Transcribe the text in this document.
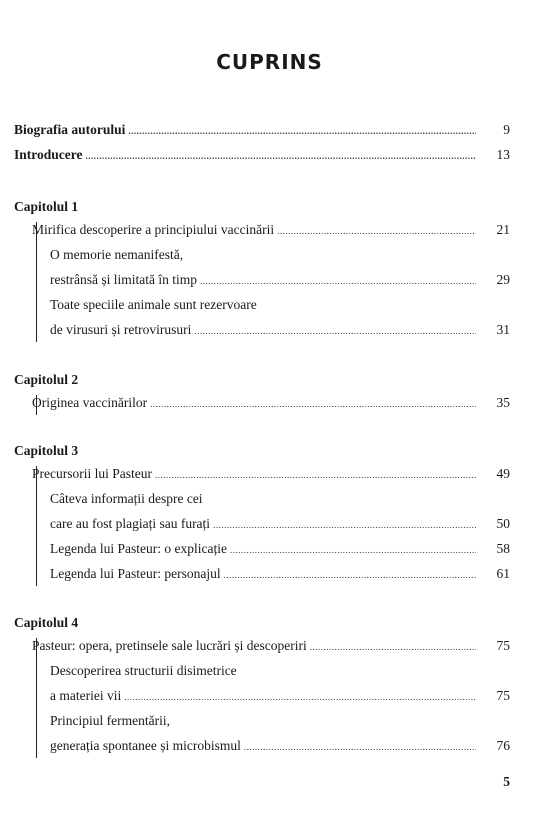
CUPRINS
Biografia autorului .....	9
Introducere .....	13
Capitolul 1
Mirifica descoperire a principiului vaccinării .....	21
O memorie nemanifestă,
restrânsă și limitată în timp .....	29
Toate speciile animale sunt rezervoare
de virusuri și retrovirusuri .....	31
Capitolul 2
Originea vaccinărilor .....	35
Capitolul 3
Precursorii lui Pasteur .....	49
Câteva informații despre cei
care au fost plagiați sau furați .....	50
Legenda lui Pasteur: o explicație .....	58
Legenda lui Pasteur: personajul .....	61
Capitolul 4
Pasteur: opera, pretinsele sale lucrări și descoperiri .....	75
Descoperirea structurii disimetrice
a materiei vii .....	75
Principiul fermentării,
generația spontanee și microbismul .....	76
5
